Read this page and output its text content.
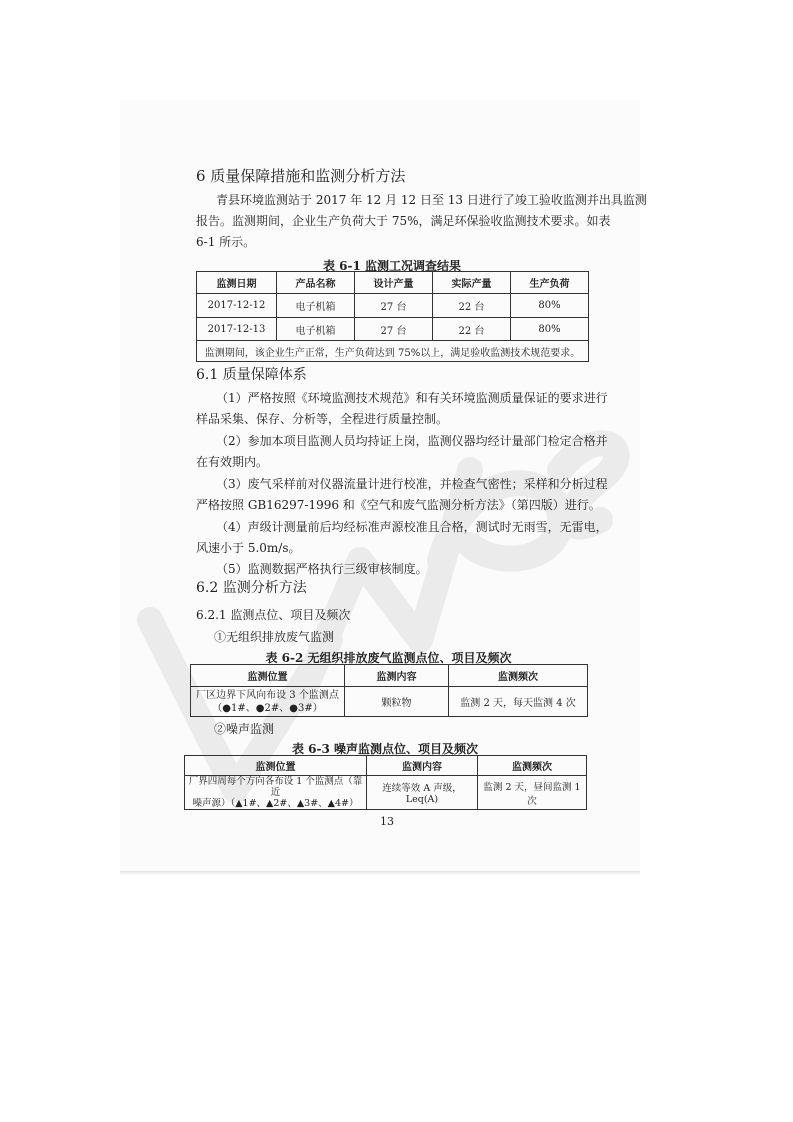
6 质量保障措施和监测分析方法
青县环境监测站于 2017 年 12 月 12 日至 13 日进行了竣工验收监测并出具监测
报告。监测期间，企业生产负荷大于 75%，满足环保验收监测技术要求。如表
6-1 所示。
表 6-1 监测工况调查结果
监测日期	产品名称	设计产量	实际产量	生产负荷
2017-12-12	电子机箱	27 台	22 台	80%
2017-12-13	电子机箱	27 台	22 台	80%
监测期间，该企业生产正常，生产负荷达到 75%以上，满足验收监测技术规范要求。				
6.1 质量保障体系
（1）严格按照《环境监测技术规范》和有关环境监测质量保证的要求进行
样品采集、保存、分析等，全程进行质量控制。
（2）参加本项目监测人员均持证上岗，监测仪器均经计量部门检定合格并
在有效期内。
（3）废气采样前对仪器流量计进行校准，并检查气密性；采样和分析过程
严格按照 GB16297-1996 和《空气和废气监测分析方法》（第四版）进行。
（4）声级计测量前后均经标准声源校准且合格，测试时无雨雪，无雷电，
风速小于 5.0m/s。
（5）监测数据严格执行三级审核制度。
6.2 监测分析方法
6.2.1 监测点位、项目及频次
①无组织排放废气监测
表 6-2 无组织排放废气监测点位、项目及频次
监测位置	监测内容	监测频次

厂区边界下风向布设 3 个监测点
（●1#、●2#、●3#）	颗粒物	监测 2 天，每天监测 4 次
②噪声监测
表 6-3 噪声监测点位、项目及频次
监测位置	监测内容	监测频次

厂界四周每个方向各布设 1 个监测点（靠近
噪声源）（▲1#、▲2#、▲3#、▲4#）	连续等效 A 声级，Leq(A)	监测 2 天，昼间监测 1 次
13
